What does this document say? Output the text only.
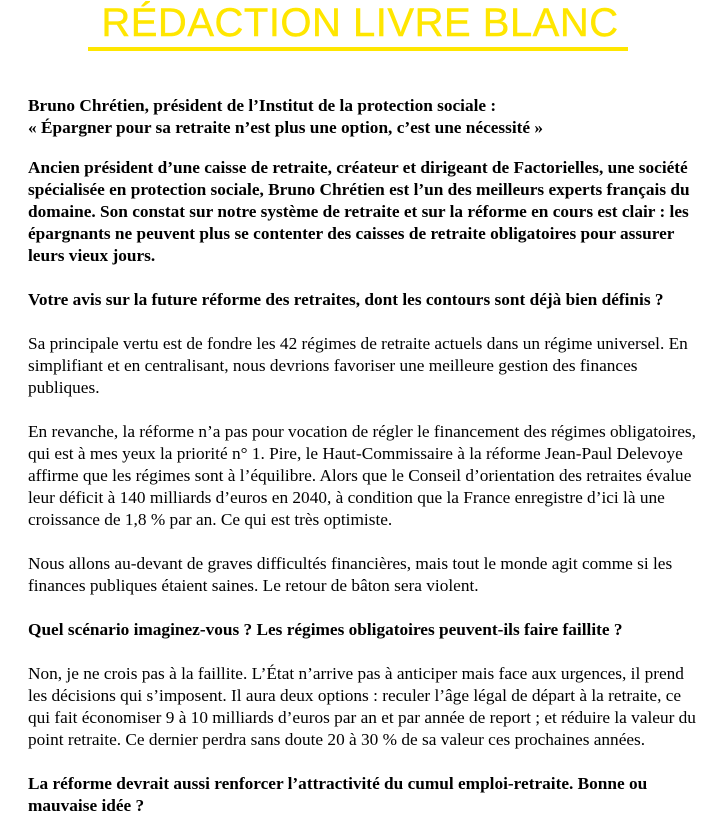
RÉDACTION LIVRE BLANC

Bruno Chrétien, président de l’Institut de la protection sociale :

« Épargner pour sa retraite n’est plus une option, c’est une nécessité »

Ancien président d’une caisse de retraite, créateur et dirigeant de Factorielles, une société spécialisée en protection sociale, Bruno Chrétien est l’un des meilleurs experts français du domaine. Son constat sur notre système de retraite et sur la réforme en cours est clair : les épargnants ne peuvent plus se contenter des caisses de retraite obligatoires pour assurer leurs vieux jours.

Votre avis sur la future réforme des retraites, dont les contours sont déjà bien définis ?

Sa principale vertu est de fondre les 42 régimes de retraite actuels dans un régime universel. En simplifiant et en centralisant, nous devrions favoriser une meilleure gestion des finances publiques.

En revanche, la réforme n’a pas pour vocation de régler le financement des régimes obligatoires, qui est à mes yeux la priorité n° 1. Pire, le Haut-Commissaire à la réforme Jean-Paul Delevoye affirme que les régimes sont à l’équilibre. Alors que le Conseil d’orientation des retraites évalue leur déficit à 140 milliards d’euros en 2040, à condition que la France enregistre d’ici là une croissance de 1,8 % par an. Ce qui est très optimiste.

Nous allons au-devant de graves difficultés financières, mais tout le monde agit comme si les finances publiques étaient saines. Le retour de bâton sera violent.

Quel scénario imaginez-vous ? Les régimes obligatoires peuvent-ils faire faillite ?

Non, je ne crois pas à la faillite. L’État n’arrive pas à anticiper mais face aux urgences, il prend les décisions qui s’imposent. Il aura deux options : reculer l’âge légal de départ à la retraite, ce qui fait économiser 9 à 10 milliards d’euros par an et par année de report ; et réduire la valeur du point retraite. Ce dernier perdra sans doute 20 à 30 % de sa valeur ces prochaines années.

La réforme devrait aussi renforcer l’attractivité du cumul emploi-retraite. Bonne ou mauvaise idée ?
